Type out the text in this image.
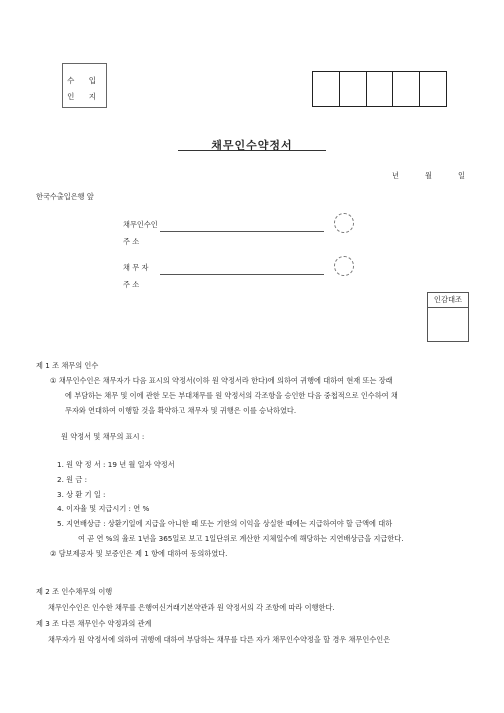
수 입
인 지
채무인수약정서
년	월	일
한국수출입은행 앞
채무인수인
주 소
채 무 자
주 소
인감대조
제 1 조 채무의 인수
① 채무인수인은 채무자가 다음 표시의 약정서(이하 원 약정서라 한다)에 의하여 귀행에 대하여 현재 또는 장래
에 부담하는 채무 및 이에 관한 모든 부대채무를 원 약정서의 각조항을 승인한 다음 중첩적으로 인수하여 채
무자와 연대하여 이행할 것을 확약하고 채무자 및 귀행은 이를 승낙하였다.
원 약정서 및 채무의 표시 :
1. 원 약 정 서 : 19 년 월 일자 약정서
2. 원 금 :
3. 상 환 기 일 :
4. 이자율 및 지급시기 : 연 %
5. 지연배상금 : 상환기일에 지급을 아니한 때 또는 기한의 이익을 상실한 때에는 지급하여야 할 금액에 대하
여 곧 연 %의 율로 1년을 365일로 보고 1일단위로 계산한 지체일수에 해당하는 지연배상금을 지급한다.
② 담보제공자 및 보증인은 제 1 항에 대하여 동의하였다.
제 2 조 인수채무의 이행
채무인수인은 인수한 채무를 은행여신거래기본약관과 원 약정서의 각 조항에 따라 이행한다.
제 3 조 다른 채무인수 약정과의 관계
채무자가 원 약정서에 의하여 귀행에 대하여 부담하는 채무를 다른 자가 채무인수약정을 할 경우 채무인수인은
